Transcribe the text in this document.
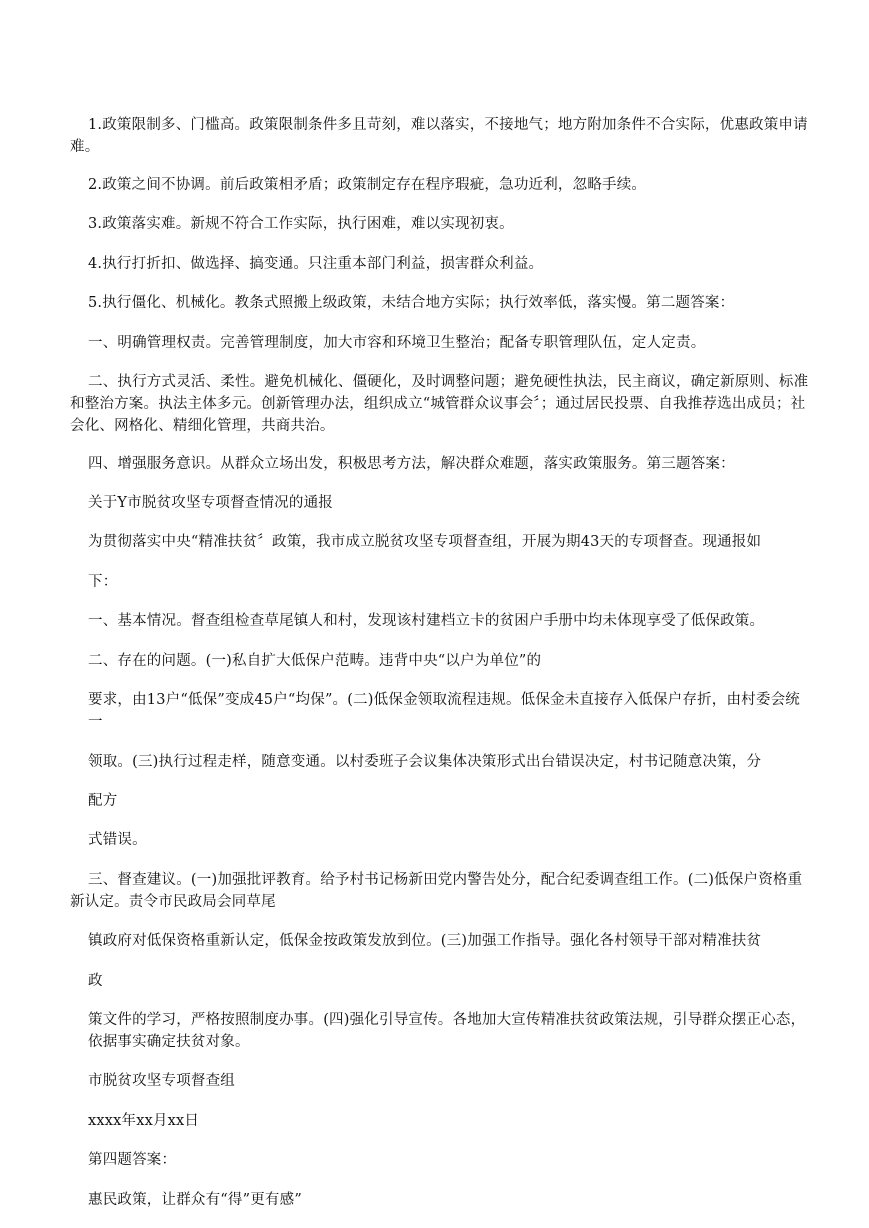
1.政策限制多、门槛高。政策限制条件多且苛刻，难以落实，不接地气；地方附加条件不合实际，优惠政策申请难。

2.政策之间不协调。前后政策相矛盾；政策制定存在程序瑕疵，急功近利，忽略手续。

3.政策落实难。新规不符合工作实际，执行困难，难以实现初衷。

4.执行打折扣、做选择、搞变通。只注重本部门利益，损害群众利益。

5.执行僵化、机械化。教条式照搬上级政策，未结合地方实际；执行效率低，落实慢。第二题答案：

一、明确管理权责。完善管理制度，加大市容和环境卫生整治；配备专职管理队伍，定人定责。

二、执行方式灵活、柔性。避免机械化、僵硬化，及时调整问题；避免硬性执法，民主商议，确定新原则、标准和整治方案。执法主体多元。创新管理办法，组织成立“城管群众议事会〞；通过居民投票、自我推荐选出成员；社会化、网格化、精细化管理，共商共治。

四、增强服务意识。从群众立场出发，积极思考方法，解决群众难题，落实政策服务。第三题答案：

关于Y市脱贫攻坚专项督查情况的通报

为贯彻落实中央“精准扶贫〞政策，我市成立脱贫攻坚专项督查组，开展为期43天的专项督查。现通报如

下：

一、基本情况。督查组检查草尾镇人和村，发现该村建档立卡的贫困户手册中均未体现享受了低保政策。

二、存在的问题。(一)私自扩大低保户范畴。违背中央“以户为单位”的

要求，由13户“低保”变成45户“均保”。(二)低保金领取流程违规。低保金未直接存入低保户存折，由村委会统一

领取。(三)执行过程走样，随意变通。以村委班子会议集体决策形式出台错误决定，村书记随意决策，分

配方

式错误。

三、督查建议。(一)加强批评教育。给予村书记杨新田党内警告处分，配合纪委调查组工作。(二)低保户资格重新认定。责令市民政局会同草尾

镇政府对低保资格重新认定，低保金按政策发放到位。(三)加强工作指导。强化各村领导干部对精准扶贫

政

策文件的学习，严格按照制度办事。(四)强化引导宣传。各地加大宣传精准扶贫政策法规，引导群众摆正心态，依据事实确定扶贫对象。

市脱贫攻坚专项督查组

xxxx年xx月xx日

第四题答案：

惠民政策，让群众有“得”更有感”
